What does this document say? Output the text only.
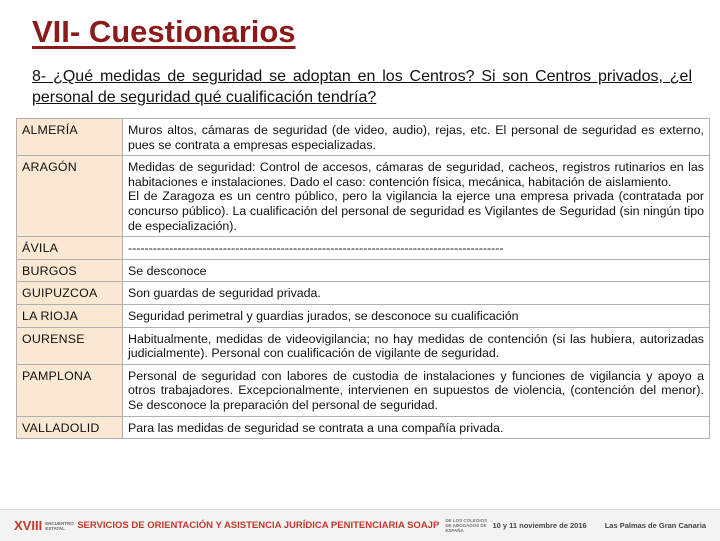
VII- Cuestionarios
8- ¿Qué medidas de seguridad se adoptan en los Centros? Si son Centros privados, ¿el personal de seguridad qué cualificación tendría?
ALMERÍA	Muros altos, cámaras de seguridad (de video, audio), rejas, etc. El personal de seguridad es externo, pues se contrata a empresas especializadas.
ARAGÓN	Medidas de seguridad: Control de accesos, cámaras de seguridad, cacheos, registros rutinarios en las habitaciones e instalaciones. Dado el caso: contención física, mecánica, habitación de aislamiento.
El de Zaragoza es un centro público, pero la vigilancia la ejerce una empresa privada (contratada por concurso público). La cualificación del personal de seguridad es Vigilantes de Seguridad (sin ningún tipo de especialización).

ÁVILA	-------------------------------------------------------------------------------------------
BURGOS	Se desconoce
GUIPUZCOA	Son guardas de seguridad privada.
LA RIOJA	Seguridad perimetral y guardias jurados, se desconoce su cualificación
OURENSE	Habitualmente, medidas de videovigilancia; no hay medidas de contención (si las hubiera, autorizadas judicialmente). Personal con cualificación de vigilante de seguridad.
PAMPLONA	Personal de seguridad con labores de custodia de instalaciones y funciones de vigilancia y apoyo a otros trabajadores. Excepcionalmente, intervienen en supuestos de violencia, (contención del menor). Se desconoce la preparación del personal de seguridad.
VALLADOLID	Para las medidas de seguridad se contrata a una compañía privada.
XVIII ENCUENTRO ESTATAL	SERVICIOS DE ORIENTACIÓN Y ASISTENCIA JURÍDICA PENITENCIARIA SOAJP DE LOS COLEGIOS DE ABOGADOS DE ESPAÑA
10 y 11 noviembre de 2016 Las Palmas de Gran Canaria
